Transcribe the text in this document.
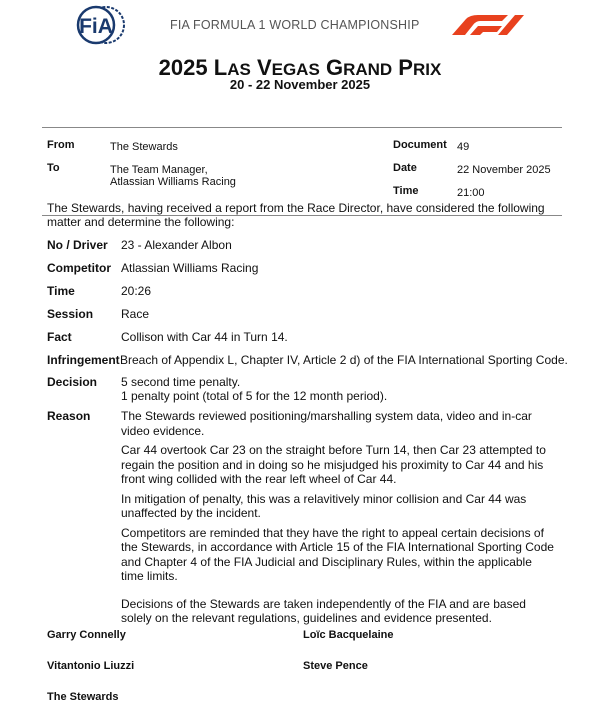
FiA	FIA FORMULA 1 WORLD CHAMPIONSHIP
2025 LAS VEGAS GRAND PRIX
20 - 22 November 2025
From	The Stewards
To	The Team Manager,
Atlassian Williams Racing
Document 49
Date	22 November 2025
Time	21:00
The Stewards, having received a report from the Race Director, have considered the following matter and determine the following:
No / Driver 23 - Alexander Albon
Competitor Atlassian Williams Racing
Time	20:26
Session Race
Fact	Collison with Car 44 in Turn 14.
Infringement Breach of Appendix L, Chapter IV, Article 2 d) of the FIA International Sporting Code.
Decision 5 second time penalty.
1 penalty point (total of 5 for the 12 month period).
Reason	The Stewards reviewed positioning/marshalling system data, video and in-car video evidence.

Car 44 overtook Car 23 on the straight before Turn 14, then Car 23 attempted to regain the position and in doing so he misjudged his proximity to Car 44 and his front wing collided with the rear left wheel of Car 44.

In mitigation of penalty, this was a relavitively minor collision and Car 44 was unaffected by the incident.

Competitors are reminded that they have the right to appeal certain decisions of the Stewards, in accordance with Article 15 of the FIA International Sporting Code and Chapter 4 of the FIA Judicial and Disciplinary Rules, within the applicable time limits.

Decisions of the Stewards are taken independently of the FIA and are based solely on the relevant regulations, guidelines and evidence presented.

Garry Connelly	Loïc Bacquelaine
Vitantonio Liuzzi	Steve Pence
The Stewards
